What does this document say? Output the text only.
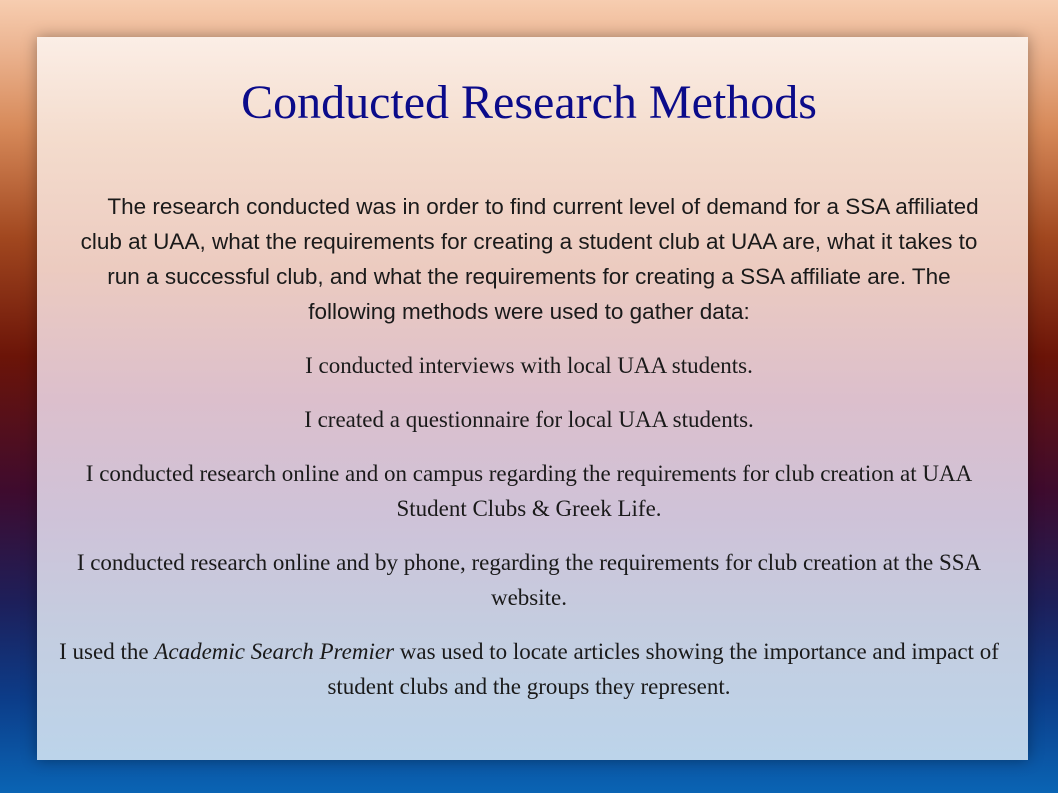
Conducted Research Methods

The research conducted was in order to find current level of demand for a SSA affiliated club at UAA, what the requirements for creating a student club at UAA are, what it takes to run a successful club, and what the requirements for creating a SSA affiliate are. The following methods were used to gather data:

I conducted interviews with local UAA students.

I created a questionnaire for local UAA students.

I conducted research online and on campus regarding the requirements for club creation at UAA Student Clubs & Greek Life.

I conducted research online and by phone, regarding the requirements for club creation at the SSA website.

I used the Academic Search Premier was used to locate articles showing the importance and impact of student clubs and the groups they represent.
